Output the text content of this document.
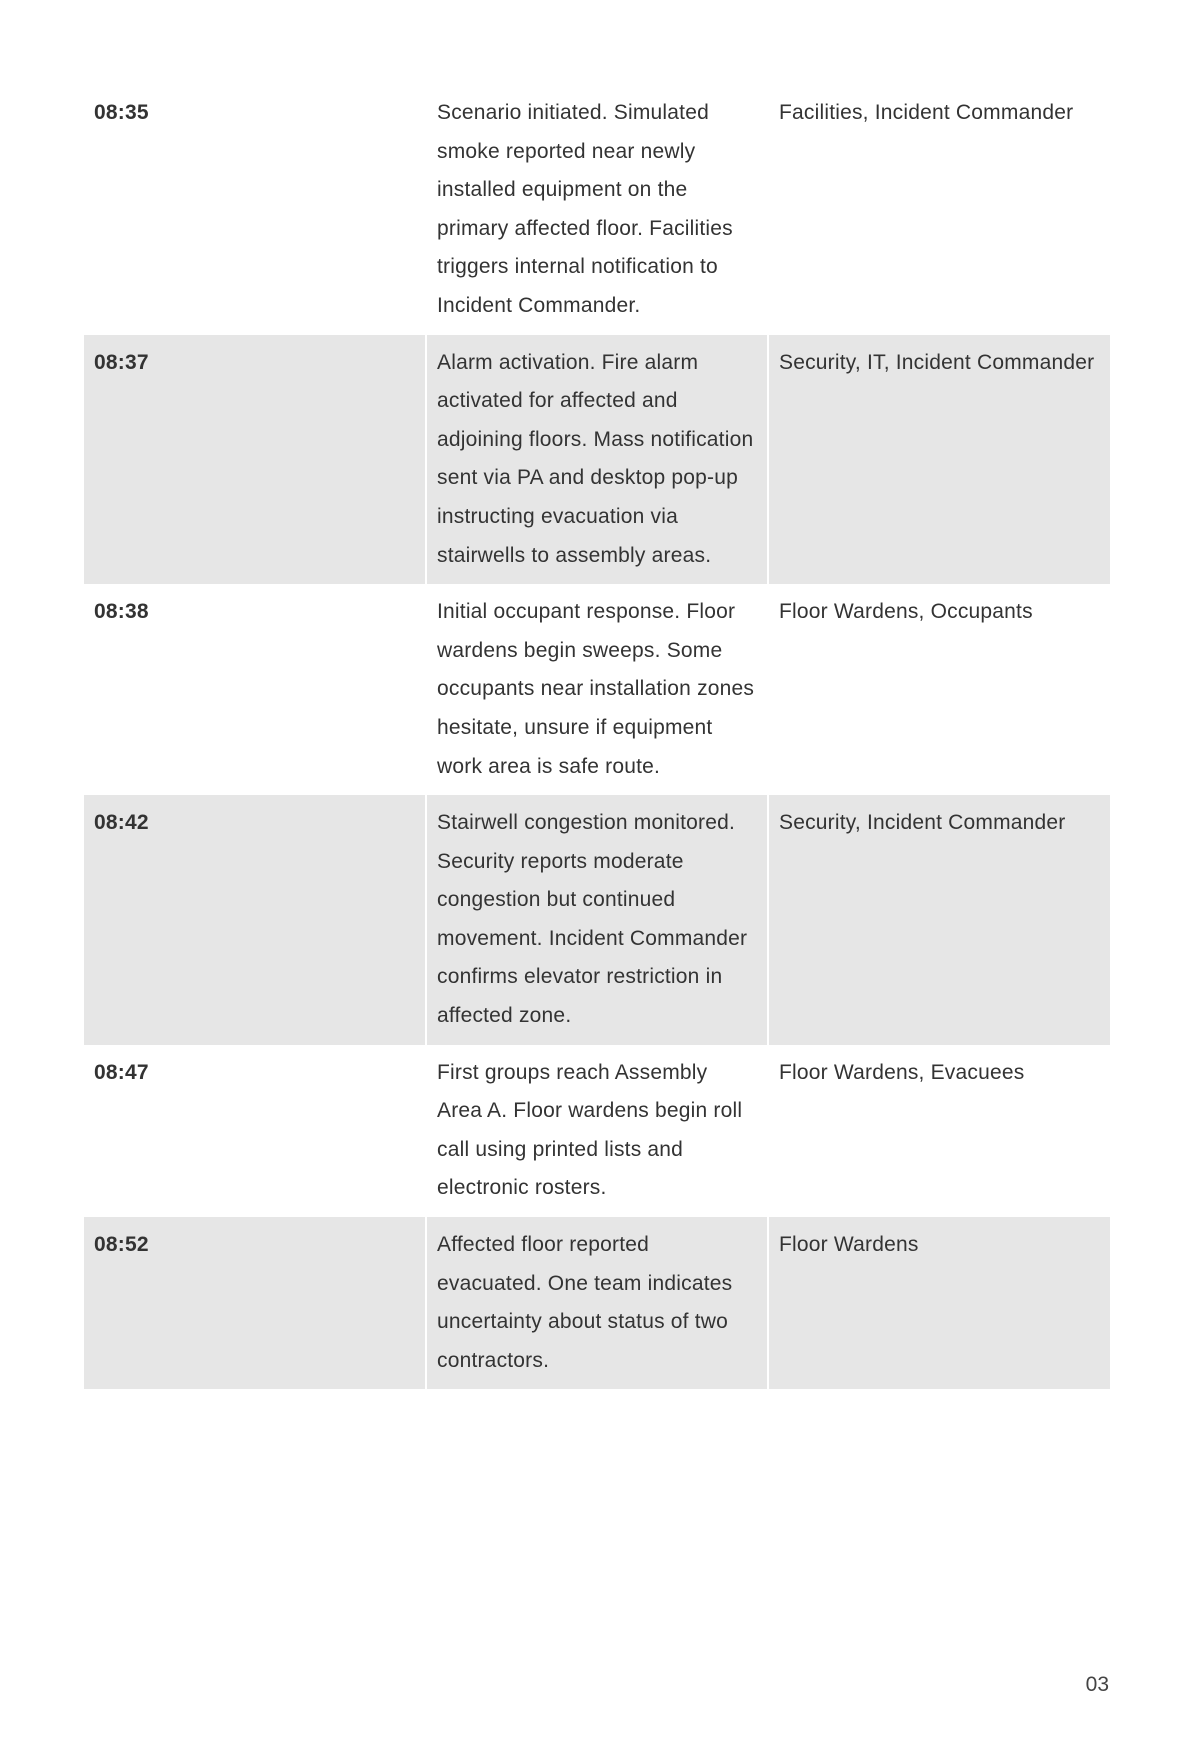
08:35	Scenario initiated. Simulated smoke reported near newly installed equipment on the primary affected floor. Facilities triggers internal notification to Incident Commander.	Facilities, Incident Commander
08:37	Alarm activation. Fire alarm activated for affected and adjoining floors. Mass notification sent via PA and desktop pop-up instructing evacuation via stairwells to assembly areas.	Security, IT, Incident Commander
08:38	Initial occupant response. Floor wardens begin sweeps. Some occupants near installation zones hesitate, unsure if equipment work area is safe route.	Floor Wardens, Occupants
08:42	Stairwell congestion monitored. Security reports moderate congestion but continued movement. Incident Commander confirms elevator restriction in affected zone.	Security, Incident Commander
08:47	First groups reach Assembly Area A. Floor wardens begin roll call using printed lists and electronic rosters.	Floor Wardens, Evacuees
08:52	Affected floor reported evacuated. One team indicates uncertainty about status of two contractors.	Floor Wardens
03
